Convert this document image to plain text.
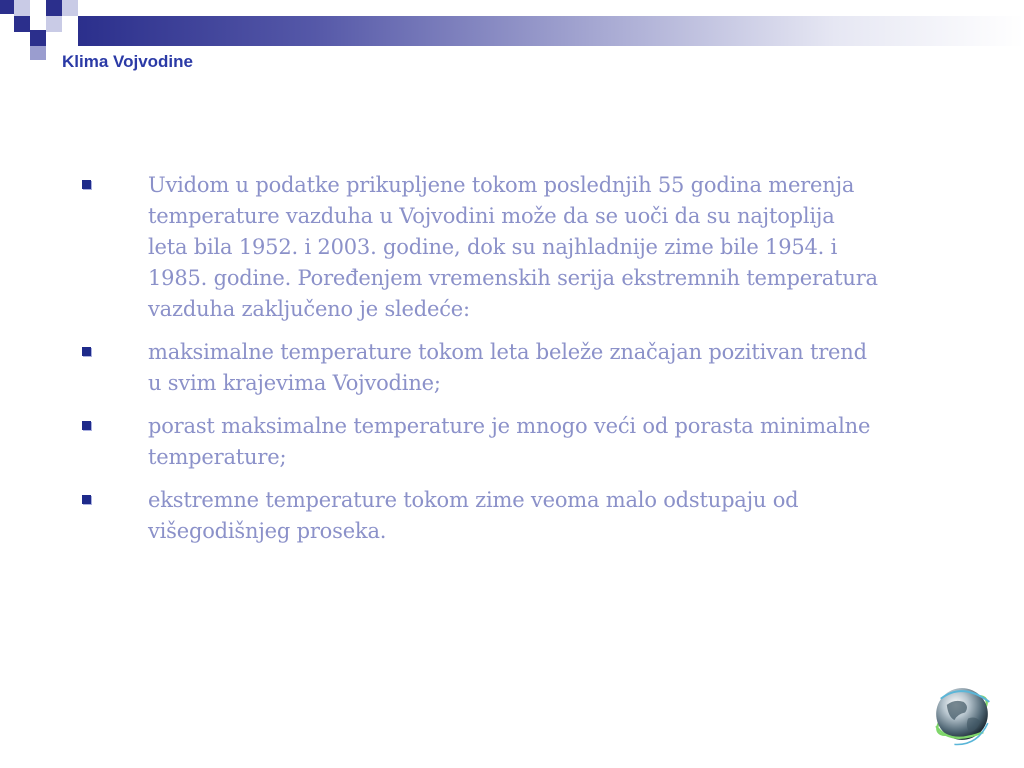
Klima Vojvodine
Uvidom u podatke prikupljene tokom poslednjih 55 godina merenja temperature vazduha u Vojvodini može da se uoči da su najtoplija leta bila 1952. i 2003. godine, dok su najhladnije zime bile 1954. i 1985. godine. Poređenjem vremenskih serija ekstremnih temperatura vazduha zaključeno je sledeće:
maksimalne temperature tokom leta beleže značajan pozitivan trend u svim krajevima Vojvodine;
porast maksimalne temperature je mnogo veći od porasta minimalne temperature;
ekstremne temperature tokom zime veoma malo odstupaju od višegodišnjeg proseka.
